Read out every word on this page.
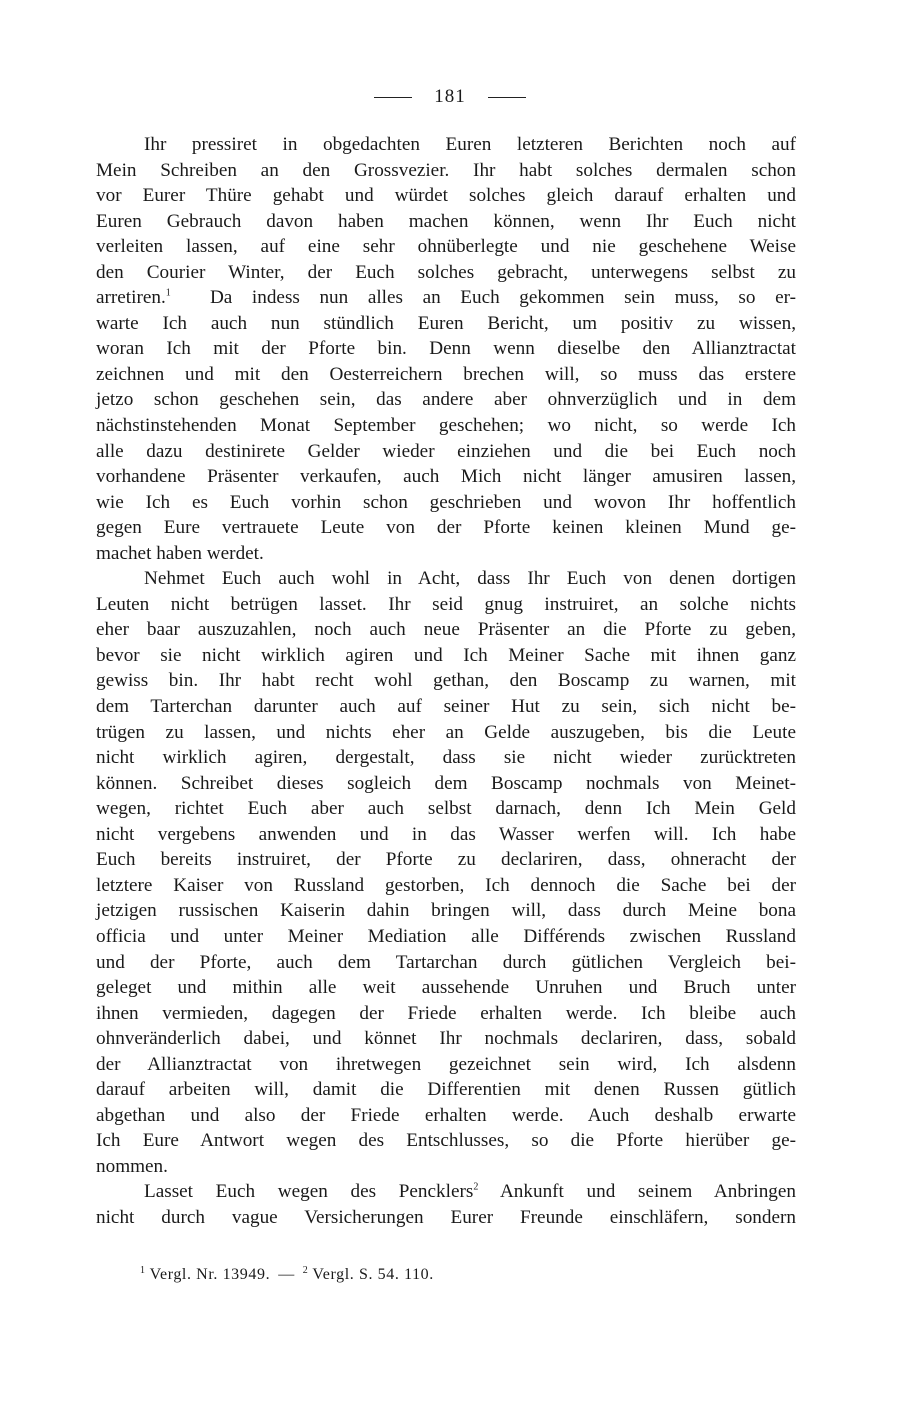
181
Ihr pressiret in obgedachten Euren letzteren Berichten noch auf
Mein Schreiben an den Grossvezier. Ihr habt solches dermalen schon
vor Eurer Thüre gehabt und würdet solches gleich darauf erhalten und
Euren Gebrauch davon haben machen können, wenn Ihr Euch nicht
verleiten lassen, auf eine sehr ohnüberlegte und nie geschehene Weise
den Courier Winter, der Euch solches gebracht, unterwegens selbst zu
arretiren.$^1$ Da indess nun alles an Euch gekommen sein muss, so er-
warte Ich auch nun stündlich Euren Bericht, um positiv zu wissen,
woran Ich mit der Pforte bin. Denn wenn dieselbe den Allianztractat
zeichnen und mit den Oesterreichern brechen will, so muss das erstere
jetzo schon geschehen sein, das andere aber ohnverzüglich und in dem
nächstinstehenden Monat September geschehen; wo nicht, so werde Ich
alle dazu destinirete Gelder wieder einziehen und die bei Euch noch
vorhandene Präsenter verkaufen, auch Mich nicht länger amusiren lassen,
wie Ich es Euch vorhin schon geschrieben und wovon Ihr hoffentlich
gegen Eure vertrauete Leute von der Pforte keinen kleinen Mund ge-
machet haben werdet.
Nehmet Euch auch wohl in Acht, dass Ihr Euch von denen dortigen
Leuten nicht betrügen lasset. Ihr seid gnug instruiret, an solche nichts
eher baar auszuzahlen, noch auch neue Präsenter an die Pforte zu geben,
bevor sie nicht wirklich agiren und Ich Meiner Sache mit ihnen ganz
gewiss bin. Ihr habt recht wohl gethan, den Boscamp zu warnen, mit
dem Tarterchan darunter auch auf seiner Hut zu sein, sich nicht be-
trügen zu lassen, und nichts eher an Gelde auszugeben, bis die Leute
nicht wirklich agiren, dergestalt, dass sie nicht wieder zurücktreten
können. Schreibet dieses sogleich dem Boscamp nochmals von Meinet-
wegen, richtet Euch aber auch selbst darnach, denn Ich Mein Geld
nicht vergebens anwenden und in das Wasser werfen will. Ich habe
Euch bereits instruiret, der Pforte zu declariren, dass, ohneracht der
letztere Kaiser von Russland gestorben, Ich dennoch die Sache bei der
jetzigen russischen Kaiserin dahin bringen will, dass durch Meine bona
officia und unter Meiner Mediation alle Différends zwischen Russland
und der Pforte, auch dem Tartarchan durch gütlichen Vergleich bei-
geleget und mithin alle weit aussehende Unruhen und Bruch unter
ihnen vermieden, dagegen der Friede erhalten werde. Ich bleibe auch
ohnveränderlich dabei, und könnet Ihr nochmals declariren, dass, sobald
der Allianztractat von ihretwegen gezeichnet sein wird, Ich alsdenn
darauf arbeiten will, damit die Differentien mit denen Russen gütlich
abgethan und also der Friede erhalten werde. Auch deshalb erwarte
Ich Eure Antwort wegen des Entschlusses, so die Pforte hierüber ge-
nommen.
Lasset Euch wegen des Pencklers$^2$ Ankunft und seinem Anbringen
nicht durch vague Versicherungen Eurer Freunde einschläfern, sondern
$^1$ Vergl. Nr. 13949. — $^2$ Vergl. S. 54. 110.
